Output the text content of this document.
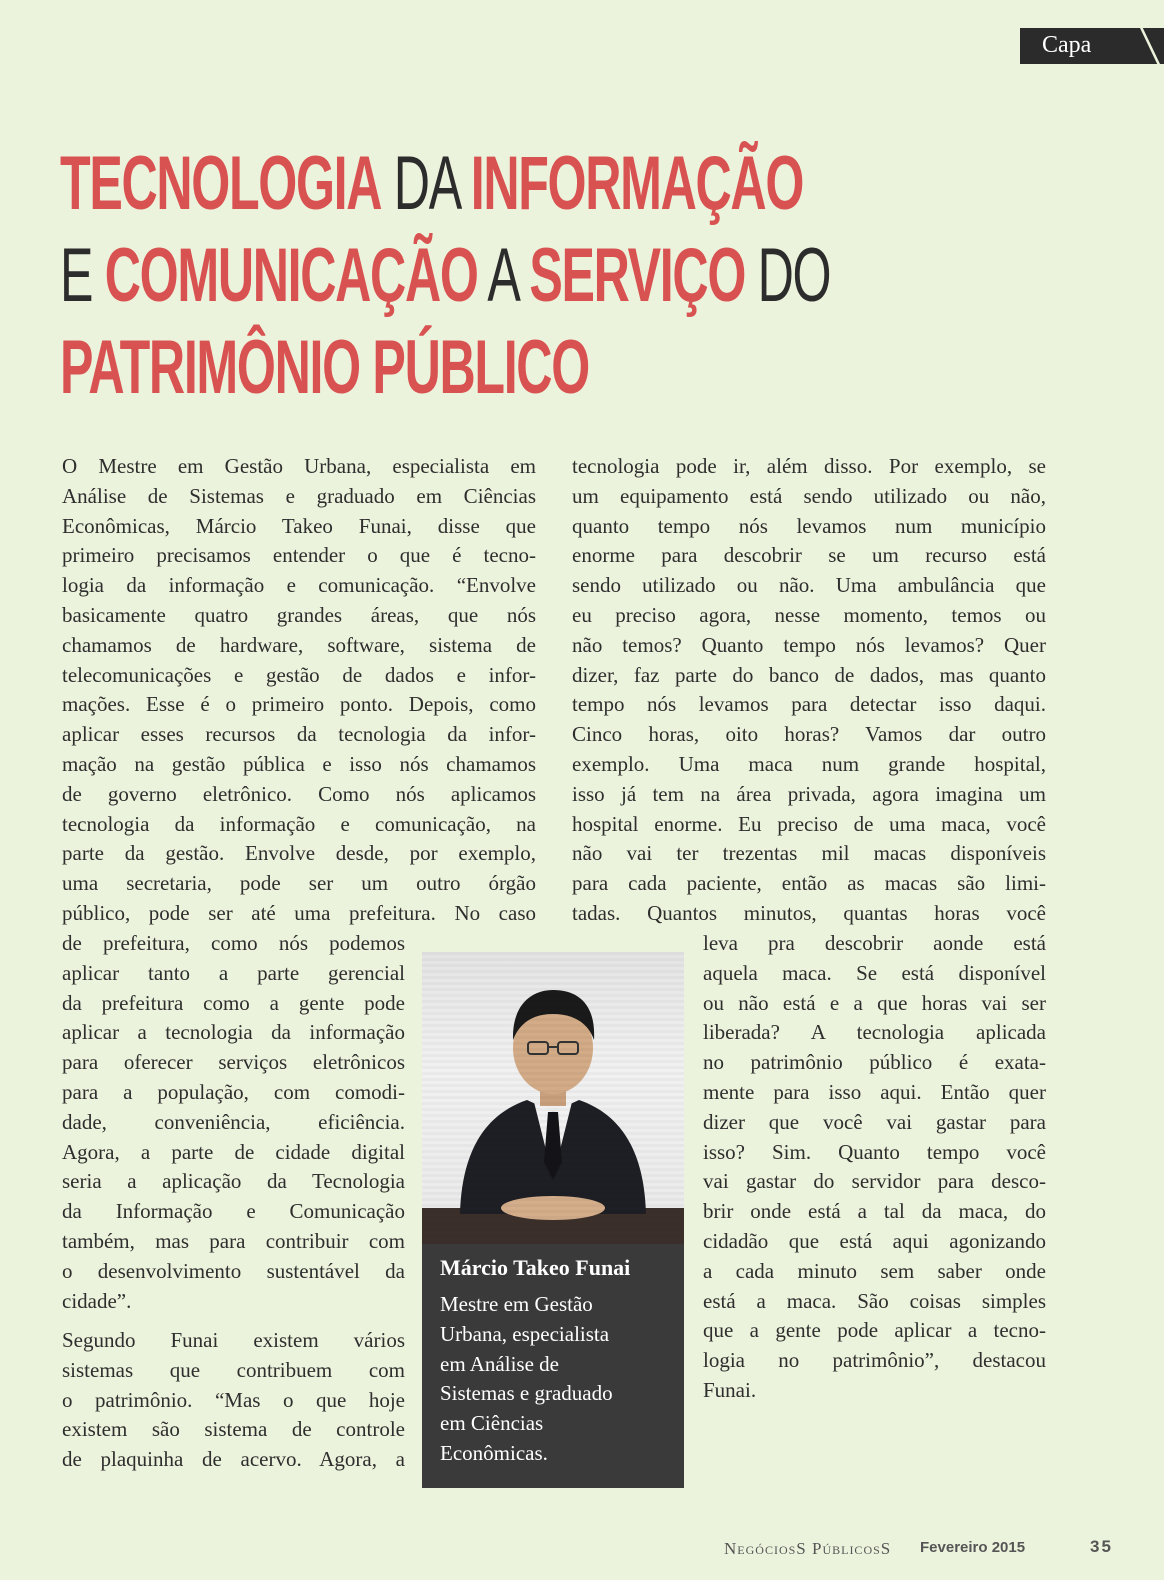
Capa
TECNOLOGIA DA INFORMAÇÃO
E COMUNICAÇÃO A SERVIÇO DO
PATRIMÔNIO PÚBLICO
O Mestre em Gestão Urbana, especialista em
Análise de Sistemas e graduado em Ciências
Econômicas, Márcio Takeo Funai, disse que
primeiro precisamos entender o que é tecno-
logia da informação e comunicação. “Envolve
basicamente quatro grandes áreas, que nós
chamamos de hardware, software, sistema de
telecomunicações e gestão de dados e infor-
mações. Esse é o primeiro ponto. Depois, como
aplicar esses recursos da tecnologia da infor-
mação na gestão pública e isso nós chamamos
de governo eletrônico. Como nós aplicamos
tecnologia da informação e comunicação, na
parte da gestão. Envolve desde, por exemplo,
uma secretaria, pode ser um outro órgão
público, pode ser até uma prefeitura. No caso
de prefeitura, como nós podemos
aplicar tanto a parte gerencial
da prefeitura como a gente pode
aplicar a tecnologia da informação
para oferecer serviços eletrônicos
para a população, com comodi-
dade, conveniência, eficiência.
Agora, a parte de cidade digital
seria a aplicação da Tecnologia
da Informação e Comunicação
também, mas para contribuir com
o desenvolvimento sustentável da
cidade”.
Segundo Funai existem vários
sistemas que contribuem com
o patrimônio. “Mas o que hoje
existem são sistema de controle
de plaquinha de acervo. Agora, a
tecnologia pode ir, além disso. Por exemplo, se
um equipamento está sendo utilizado ou não,
quanto tempo nós levamos num município
enorme para descobrir se um recurso está
sendo utilizado ou não. Uma ambulância que
eu preciso agora, nesse momento, temos ou
não temos? Quanto tempo nós levamos? Quer
dizer, faz parte do banco de dados, mas quanto
tempo nós levamos para detectar isso daqui.
Cinco horas, oito horas? Vamos dar outro
exemplo. Uma maca num grande hospital,
isso já tem na área privada, agora imagina um
hospital enorme. Eu preciso de uma maca, você
não vai ter trezentas mil macas disponíveis
para cada paciente, então as macas são limi-
tadas. Quantos minutos, quantas horas você
leva pra descobrir aonde está
aquela maca. Se está disponível
ou não está e a que horas vai ser
liberada? A tecnologia aplicada
no patrimônio público é exata-
mente para isso aqui. Então quer
dizer que você vai gastar para
isso? Sim. Quanto tempo você
vai gastar do servidor para desco-
brir onde está a tal da maca, do
cidadão que está aqui agonizando
a cada minuto sem saber onde
está a maca. São coisas simples
que a gente pode aplicar a tecno-
logia no patrimônio”, destacou
Funai.
Márcio Takeo Funai
Mestre em Gestão
Urbana, especialista
em Análise de
Sistemas e graduado
em Ciências
Econômicas.
NegóciosS PúblicosS Fevereiro 2015	35
